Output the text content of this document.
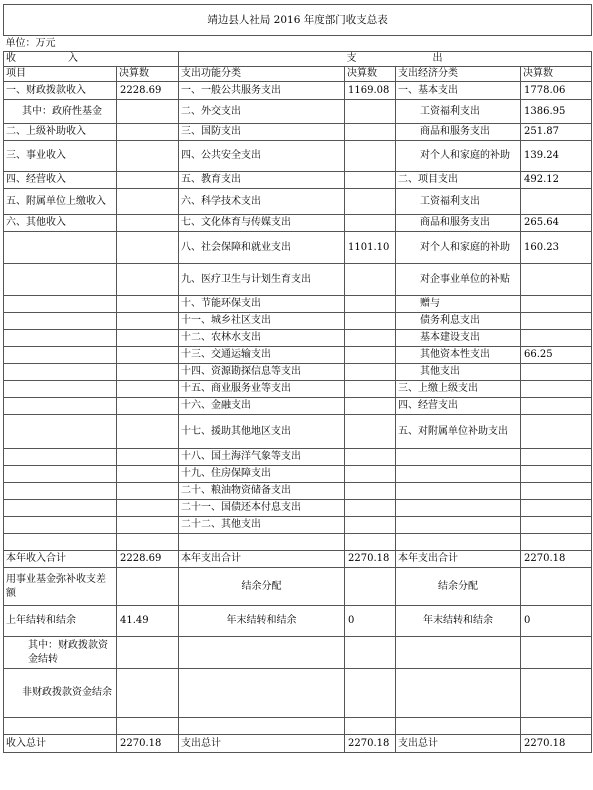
靖边县人社局 2016 年度部门收支总表					
单位：万元					
收 入			支 出		
项目	决算数	支出功能分类	决算数	支出经济分类	决算数
一、财政拨款收入	2228.69	一、一般公共服务支出	1169.08	一、基本支出	1778.06
其中：政府性基金		二、外交支出		工资福利支出	1386.95
二、上级补助收入		三、国防支出		商品和服务支出	251.87
三、事业收入		四、公共安全支出		对个人和家庭的补助	139.24
四、经营收入		五、教育支出		二、项目支出	492.12
五、附属单位上缴收入		六、科学技术支出		工资福利支出	
六、其他收入		七、文化体育与传媒支出		商品和服务支出	265.64
		八、社会保障和就业支出	1101.10	对个人和家庭的补助	160.23
		九、医疗卫生与计划生育支出		对企事业单位的补贴	
		十、节能环保支出		赠与	
		十一、城乡社区支出		债务利息支出	
		十二、农林水支出		基本建设支出	
		十三、交通运输支出		其他资本性支出	66.25
		十四、资源勘探信息等支出		其他支出	
		十五、商业服务业等支出		三、上缴上级支出	
		十六、金融支出		四、经营支出	
		十七、援助其他地区支出		五、对附属单位补助支出	
		十八、国土海洋气象等支出			
		十九、住房保障支出			
		二十、粮油物资储备支出			
		二十一、国债还本付息支出			
		二十二、其他支出			

本年收入合计	2228.69	本年支出合计	2270.18	本年支出合计	2270.18
用事业基金弥补收支差额		结余分配		结余分配	
上年结转和结余	41.49	年末结转和结余	0	年末结转和结余	0
其中：财政拨款资金结转					
非财政拨款资金结余					

收入总计	2270.18	支出总计	2270.18	支出总计	2270.18
